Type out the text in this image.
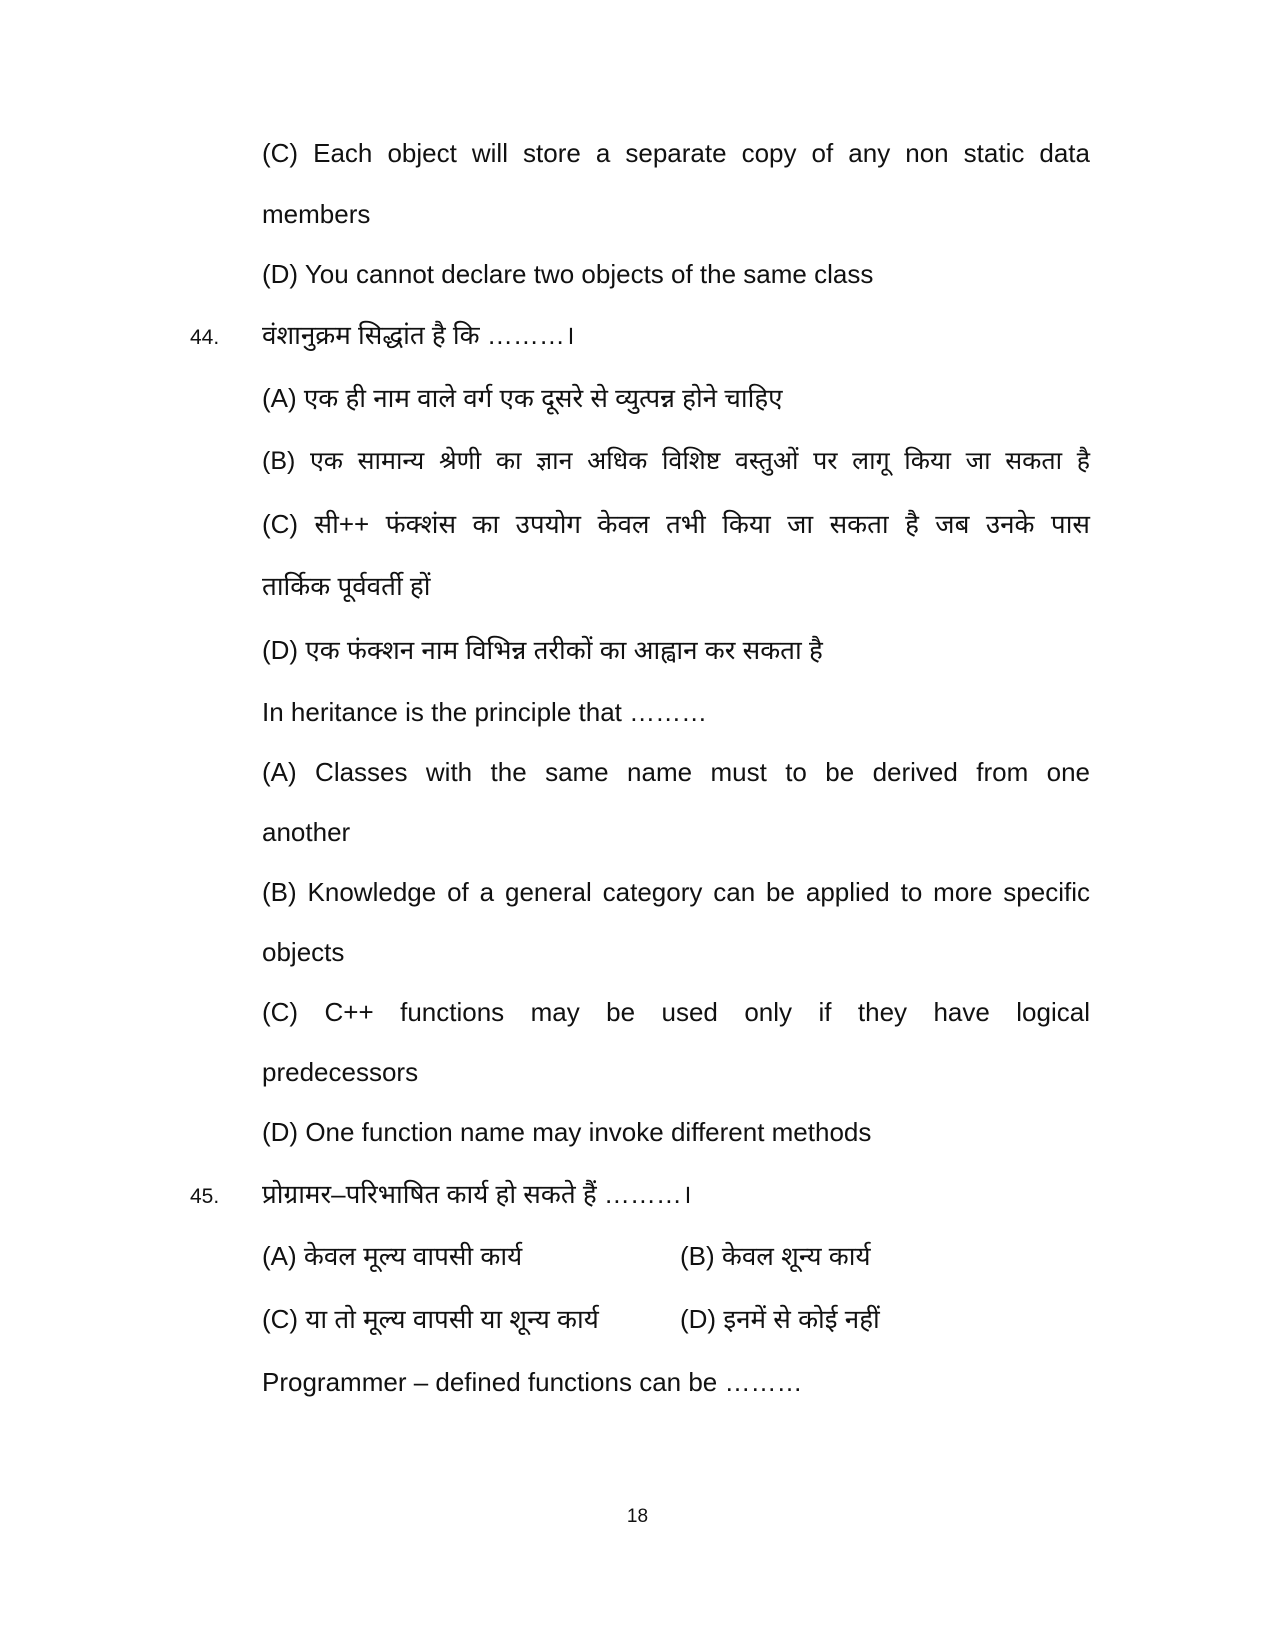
(C) Each object will store a separate copy of any non static data
members
(D) You cannot declare two objects of the same class
44. वंशानुक्रम सिद्धांत है कि ………।
(A) एक ही नाम वाले वर्ग एक दूसरे से व्युत्पन्न होने चाहिए
(B) एक सामान्य श्रेणी का ज्ञान अधिक विशिष्ट वस्तुओं पर लागू किया जा सकता है
(C) सी++ फंक्शंस का उपयोग केवल तभी किया जा सकता है जब उनके पास
तार्किक पूर्ववर्ती हों
(D) एक फंक्शन नाम विभिन्न तरीकों का आह्वान कर सकता है
In heritance is the principle that ………
(A) Classes with the same name must to be derived from one
another
(B) Knowledge of a general category can be applied to more specific
objects
(C) C++ functions may be used only if they have logical
predecessors
(D) One function name may invoke different methods
45. प्रोग्रामर–परिभाषित कार्य हो सकते हैं ………।
(A) केवल मूल्य वापसी कार्य	(B) केवल शून्य कार्य
(C) या तो मूल्य वापसी या शून्य कार्य	(D) इनमें से कोई नहीं
Programmer – defined functions can be ………
18
